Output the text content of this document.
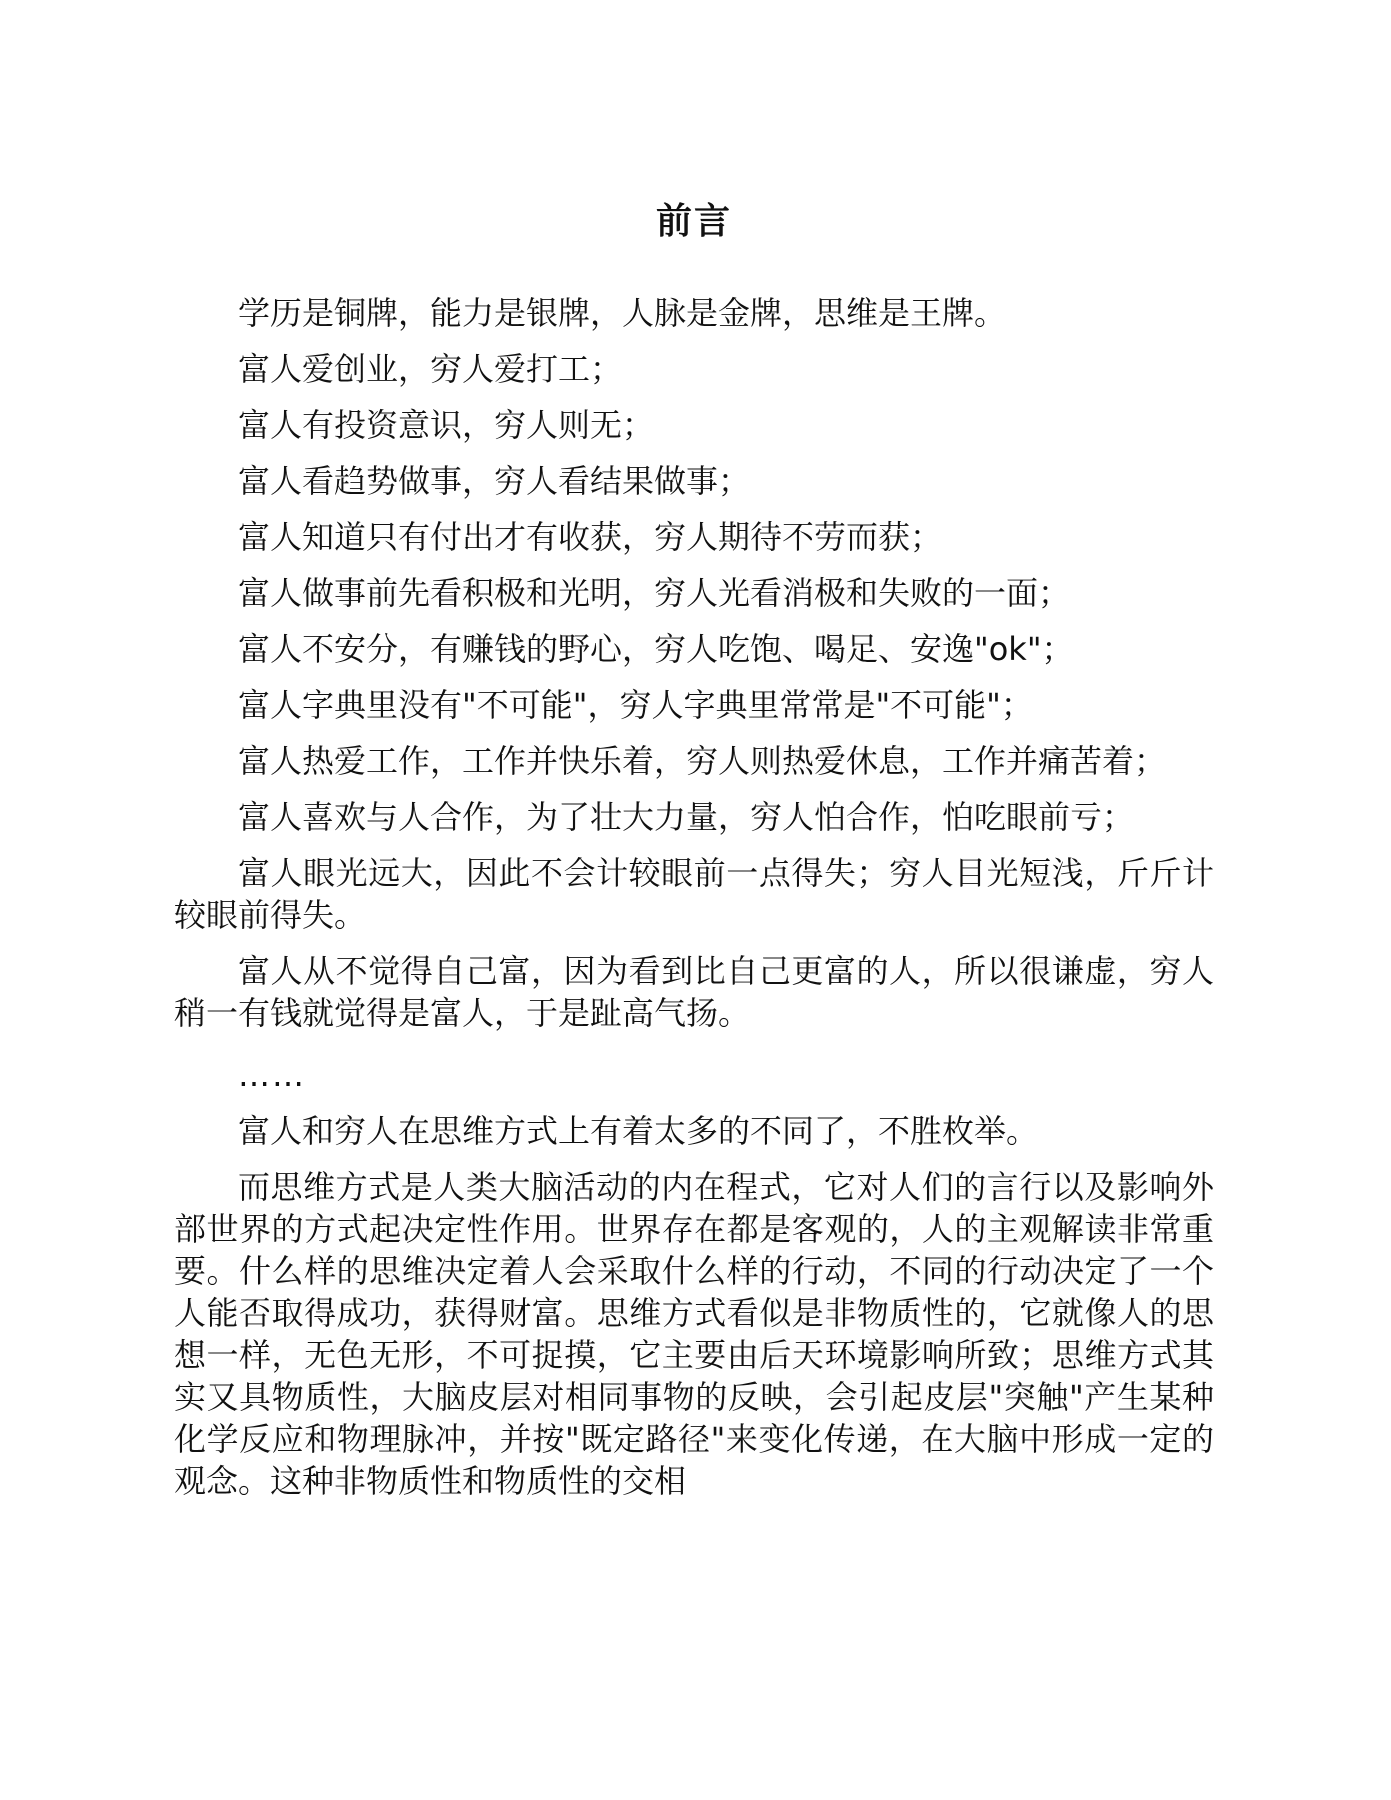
前言

学历是铜牌，能力是银牌，人脉是金牌，思维是王牌。

富人爱创业，穷人爱打工；

富人有投资意识，穷人则无；

富人看趋势做事，穷人看结果做事；

富人知道只有付出才有收获，穷人期待不劳而获；

富人做事前先看积极和光明，穷人光看消极和失败的一面；

富人不安分，有赚钱的野心，穷人吃饱、喝足、安逸"ok"；

富人字典里没有"不可能"，穷人字典里常常是"不可能"；

富人热爱工作，工作并快乐着，穷人则热爱休息，工作并痛苦着；

富人喜欢与人合作，为了壮大力量，穷人怕合作，怕吃眼前亏；

富人眼光远大，因此不会计较眼前一点得失；穷人目光短浅，斤斤计较眼前得失。

富人从不觉得自己富，因为看到比自己更富的人，所以很谦虚，穷人稍一有钱就觉得是富人，于是趾高气扬。

……

富人和穷人在思维方式上有着太多的不同了，不胜枚举。

而思维方式是人类大脑活动的内在程式，它对人们的言行以及影响外部世界的方式起决定性作用。世界存在都是客观的，人的主观解读非常重要。什么样的思维决定着人会采取什么样的行动，不同的行动决定了一个人能否取得成功，获得财富。思维方式看似是非物质性的，它就像人的思想一样，无色无形，不可捉摸，它主要由后天环境影响所致；思维方式其实又具物质性，大脑皮层对相同事物的反映，会引起皮层"突触"产生某种化学反应和物理脉冲，并按"既定路径"来变化传递，在大脑中形成一定的观念。这种非物质性和物质性的交相
